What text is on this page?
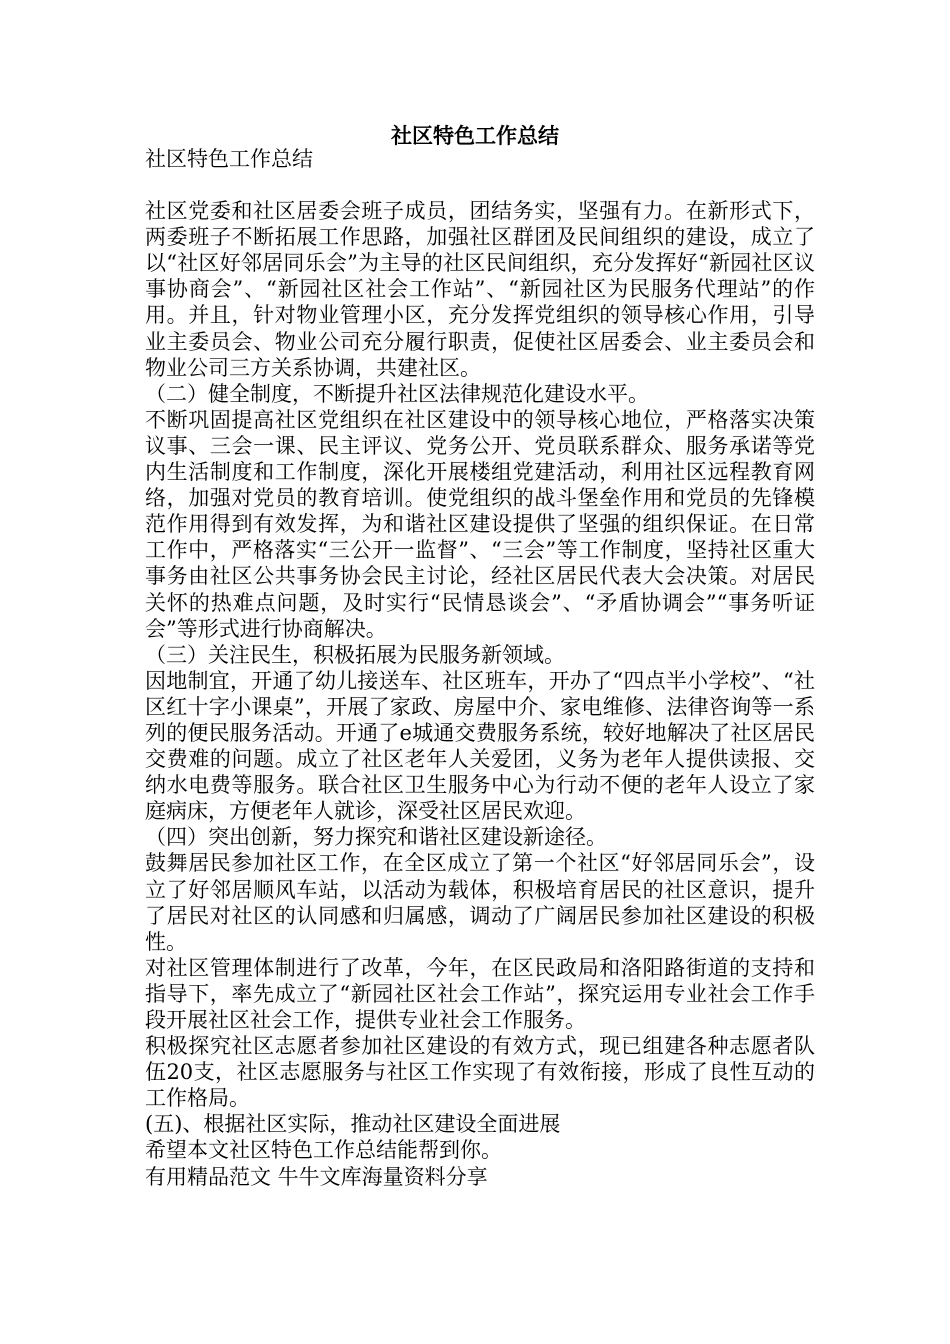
社区特色工作总结

社区特色工作总结

社区党委和社区居委会班子成员，团结务实，坚强有力。在新形式下，两委班子不断拓展工作思路，加强社区群团及民间组织的建设，成立了以“社区好邻居同乐会”为主导的社区民间组织，充分发挥好“新园社区议事协商会”、“新园社区社会工作站”、“新园社区为民服务代理站”的作用。并且，针对物业管理小区，充分发挥党组织的领导核心作用，引导业主委员会、物业公司充分履行职责，促使社区居委会、业主委员会和物业公司三方关系协调，共建社区。

（二）健全制度，不断提升社区法律规范化建设水平。

不断巩固提高社区党组织在社区建设中的领导核心地位，严格落实决策议事、三会一课、民主评议、党务公开、党员联系群众、服务承诺等党内生活制度和工作制度，深化开展楼组党建活动，利用社区远程教育网络，加强对党员的教育培训。使党组织的战斗堡垒作用和党员的先锋模范作用得到有效发挥，为和谐社区建设提供了坚强的组织保证。在日常工作中，严格落实“三公开一监督”、“三会”等工作制度，坚持社区重大事务由社区公共事务协会民主讨论，经社区居民代表大会决策。对居民关怀的热难点问题，及时实行“民情恳谈会”、“矛盾协调会”“事务听证会”等形式进行协商解决。

（三）关注民生，积极拓展为民服务新领域。

因地制宜，开通了幼儿接送车、社区班车，开办了“四点半小学校”、“社区红十字小课桌”，开展了家政、房屋中介、家电维修、法律咨询等一系列的便民服务活动。开通了e城通交费服务系统，较好地解决了社区居民交费难的问题。成立了社区老年人关爱团，义务为老年人提供读报、交纳水电费等服务。联合社区卫生服务中心为行动不便的老年人设立了家庭病床，方便老年人就诊，深受社区居民欢迎。

（四）突出创新，努力探究和谐社区建设新途径。

鼓舞居民参加社区工作，在全区成立了第一个社区“好邻居同乐会”，设立了好邻居顺风车站，以活动为载体，积极培育居民的社区意识，提升了居民对社区的认同感和归属感，调动了广阔居民参加社区建设的积极性。

对社区管理体制进行了改革，今年，在区民政局和洛阳路街道的支持和指导下，率先成立了“新园社区社会工作站”，探究运用专业社会工作手段开展社区社会工作，提供专业社会工作服务。

积极探究社区志愿者参加社区建设的有效方式，现已组建各种志愿者队伍20支，社区志愿服务与社区工作实现了有效衔接，形成了良性互动的工作格局。

(五)、根据社区实际，推动社区建设全面进展

希望本文社区特色工作总结能帮到你。

有用精品范文 牛牛文库海量资料分享
